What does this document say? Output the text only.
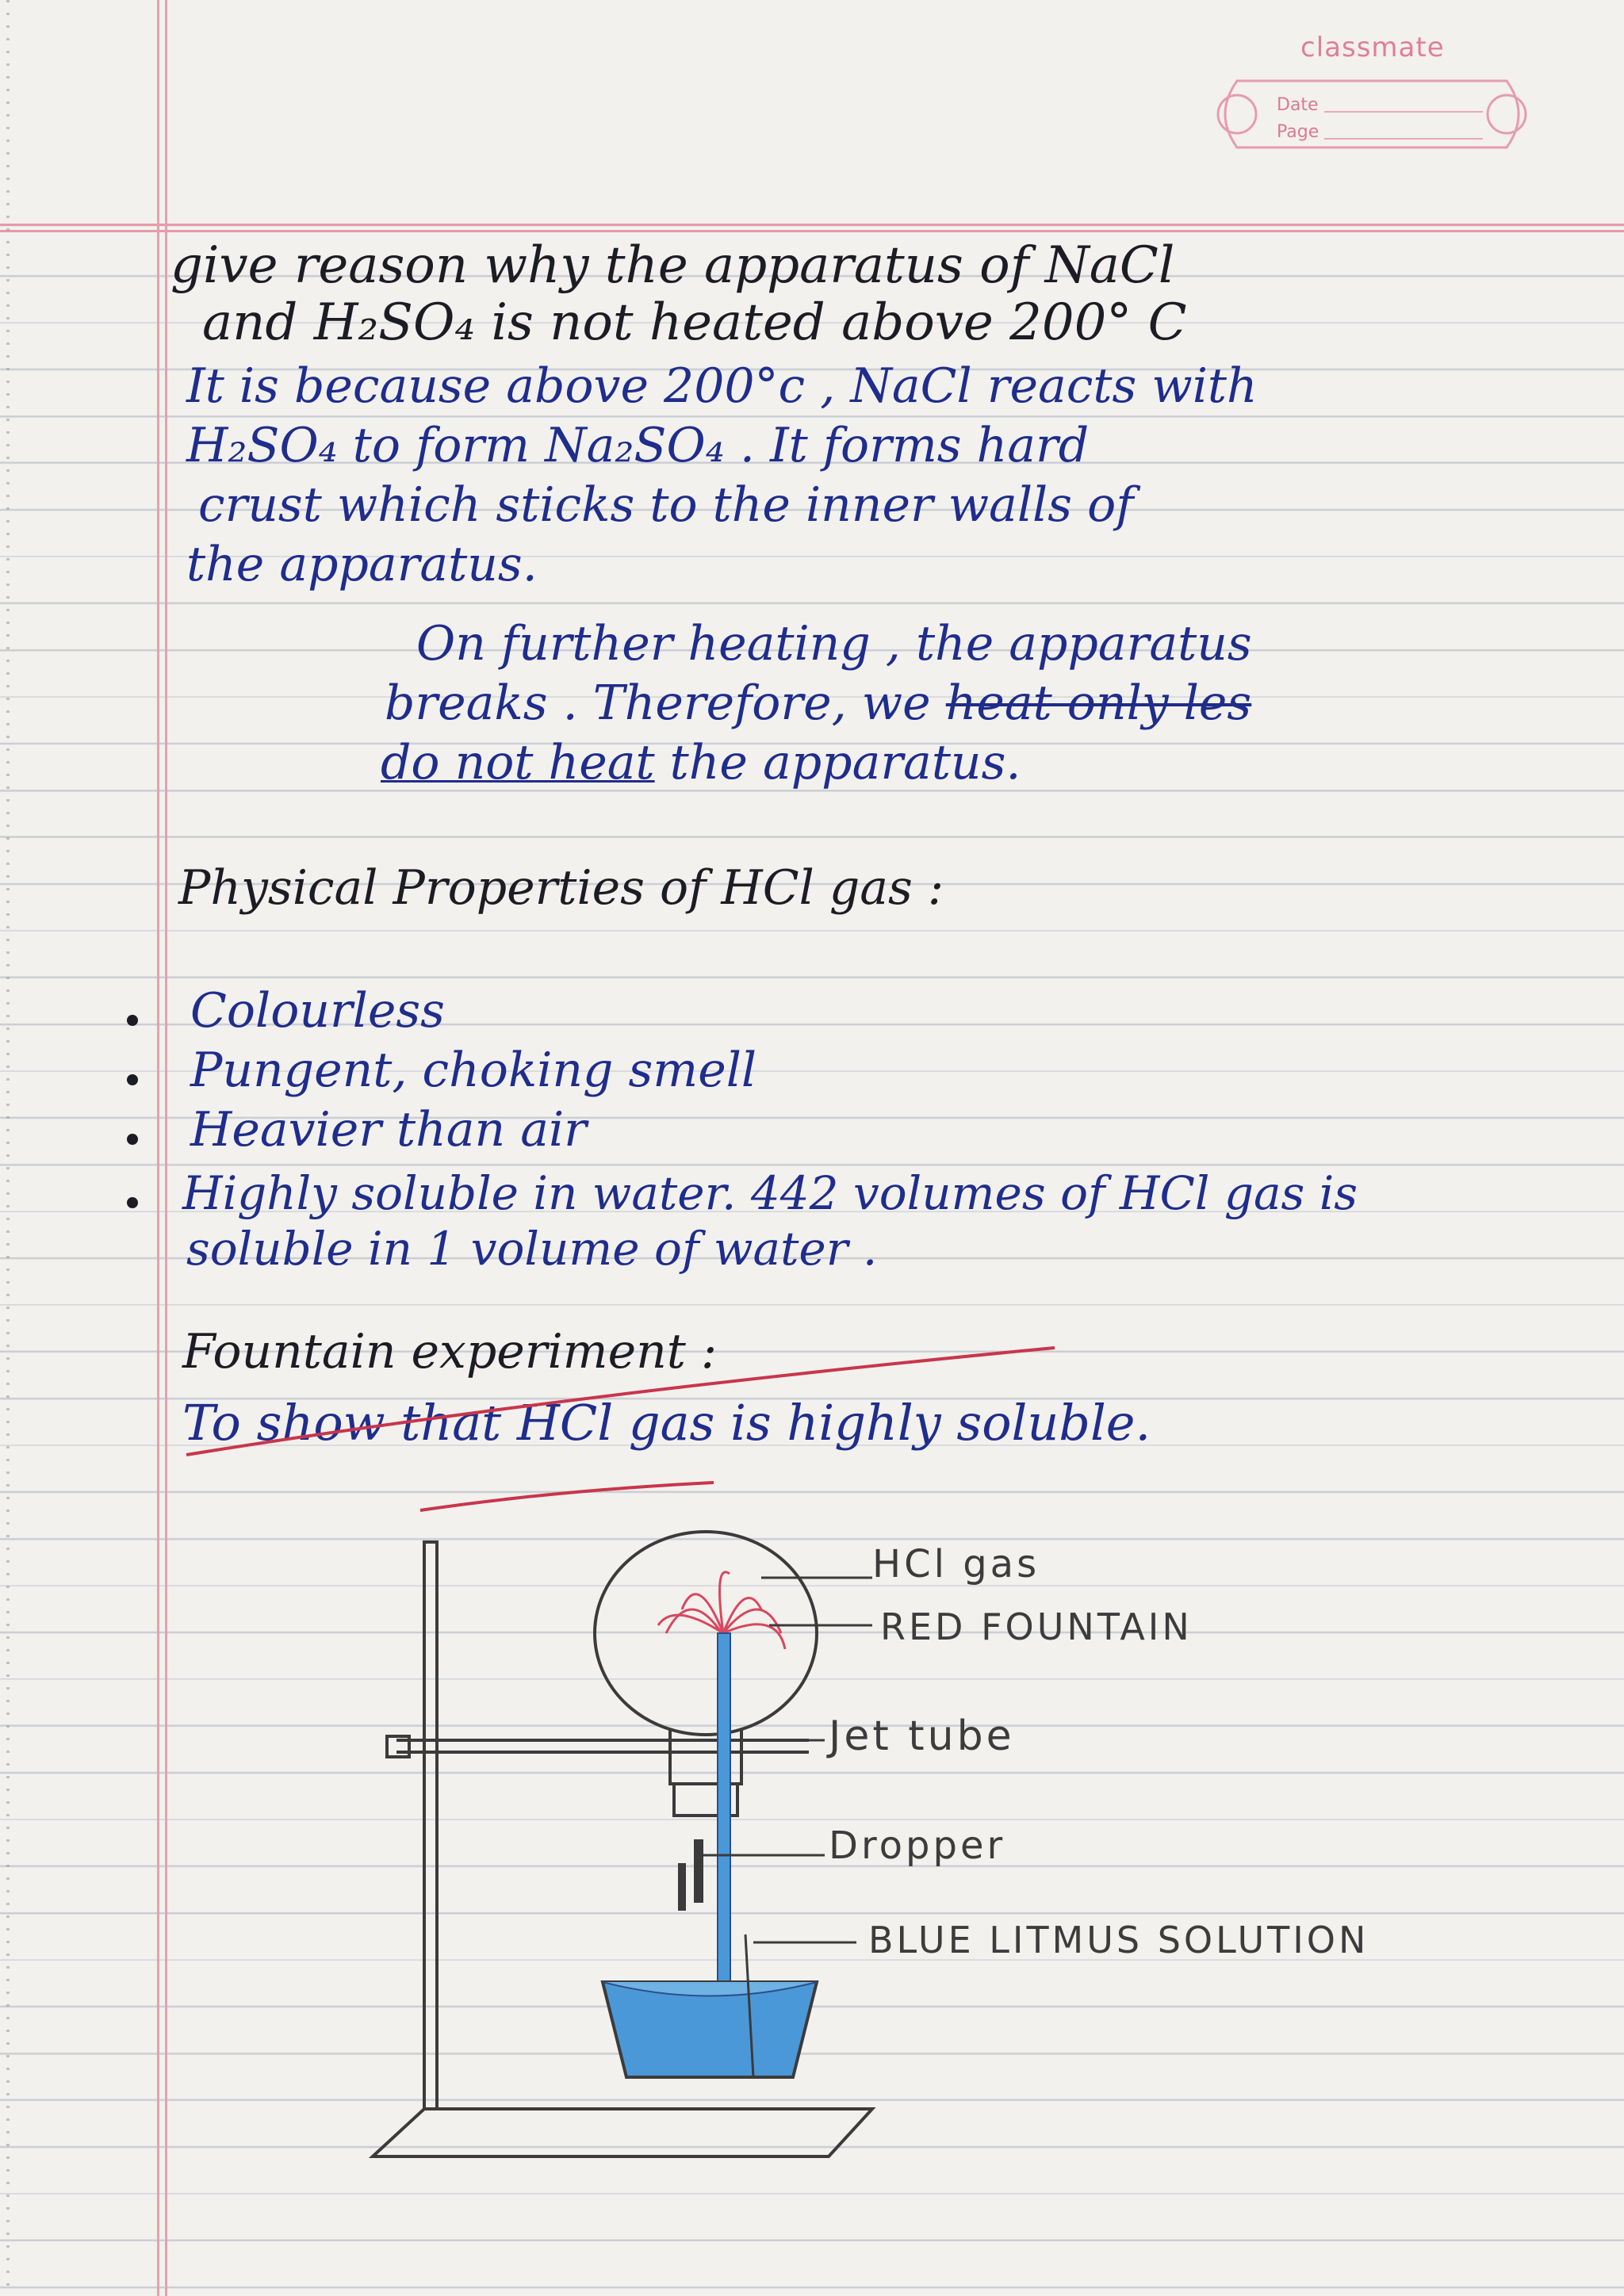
classmate
Date
Page
give reason why the apparatus of NaCl
and H₂SO₄ is not heated above 200° C
It is because above 200°c , NaCl reacts with
H₂SO₄ to form Na₂SO₄ . It forms hard
crust which sticks to the inner walls of
the apparatus.
On further heating , the apparatus
breaks . Therefore, we heat only les
do not heat the apparatus.
Physical Properties of HCl gas :
Colourless
Pungent, choking smell
Heavier than air
Highly soluble in water. 442 volumes of HCl gas is
soluble in 1 volume of water .
Fountain experiment :
To show that HCl gas is highly soluble.
HCl gas
RED FOUNTAIN
Jet tube
Dropper
BLUE LITMUS SOLUTION
